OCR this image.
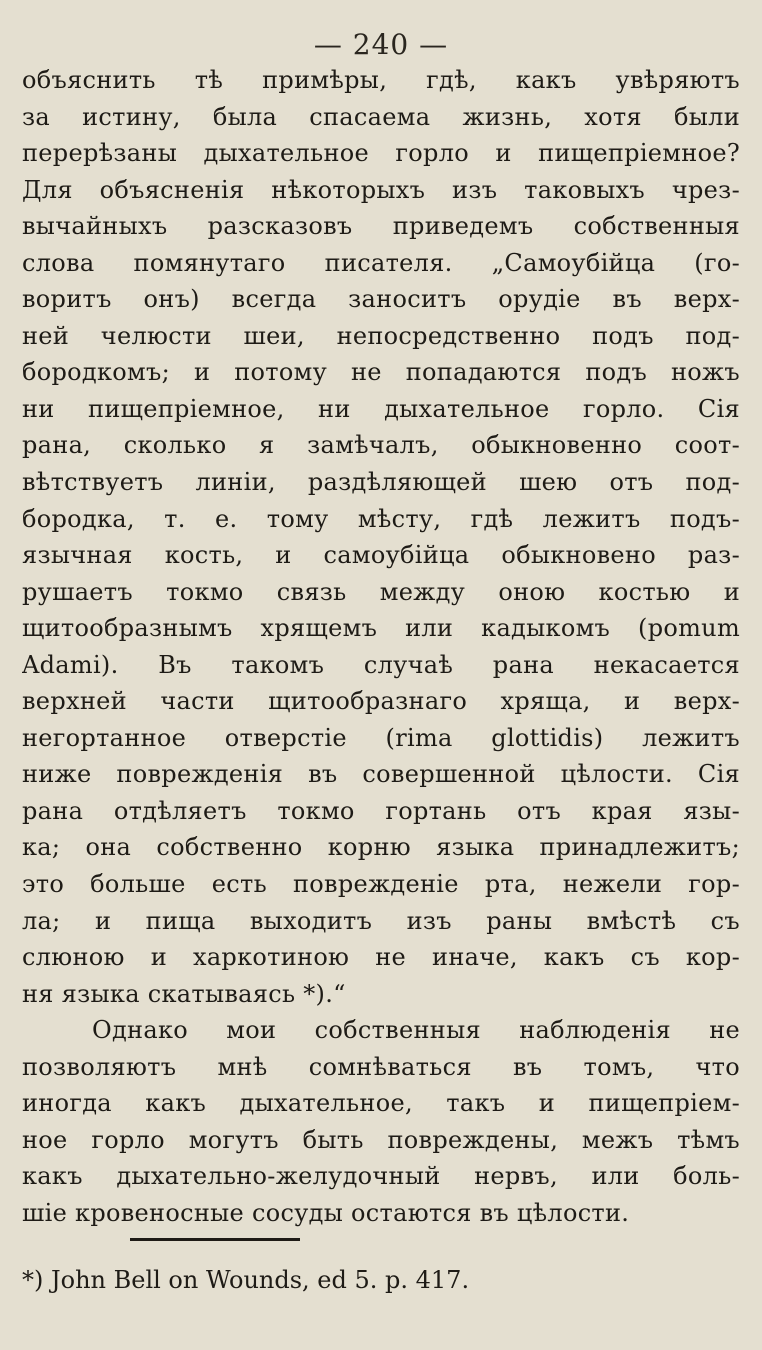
— 240 —
объяснить тѣ примѣры, гдѣ, какъ увѣряютъ
за истину, была спасаема жизнь, хотя были
перерѣзаны дыхательное горло и пищепріемное?
Для объясненія нѣкоторыхъ изъ таковыхъ чрез-
вычайныхъ разсказовъ приведемъ собственныя
слова помянутаго писателя. „Самоубійца (го-
воритъ онъ) всегда заноситъ орудіе въ верх-
ней челюсти шеи, непосредственно подъ под-
бородкомъ; и потому не попадаются подъ ножъ
ни пищепріемное, ни дыхательное горло. Сія
рана, сколько я замѣчалъ, обыкновенно соот-
вѣтствуетъ линіи, раздѣляющей шею отъ под-
бородка, т. е. тому мѣсту, гдѣ лежитъ подъ-
язычная кость, и самоубійца обыкновено раз-
рушаетъ токмо связь между оною костью и
щитообразнымъ хрящемъ или кадыкомъ (pomum
Adami). Въ такомъ случаѣ рана некасается
верхней части щитообразнаго хряща, и верх-
негортанное отверстіе (rima glottidis) лежитъ
ниже поврежденія въ совершенной цѣлости. Сія
рана отдѣляетъ токмо гортань отъ края язы-
ка; она собственно корню языка принадлежитъ;
это больше есть поврежденіе рта, нежели гор-
ла; и пища выходитъ изъ раны вмѣстѣ съ
слюною и харкотиною не иначе, какъ съ кор-
ня языка скатываясь *).“
Однако мои собственныя наблюденія не
позволяютъ мнѣ сомнѣваться въ томъ, что
иногда какъ дыхательное, такъ и пищепріем-
ное горло могутъ быть повреждены, межъ тѣмъ
какъ дыхательно-желудочный нервъ, или боль-
шіе кровеносные сосуды остаются въ цѣлости.
*) John Bell on Wounds, ed 5. p. 417.
